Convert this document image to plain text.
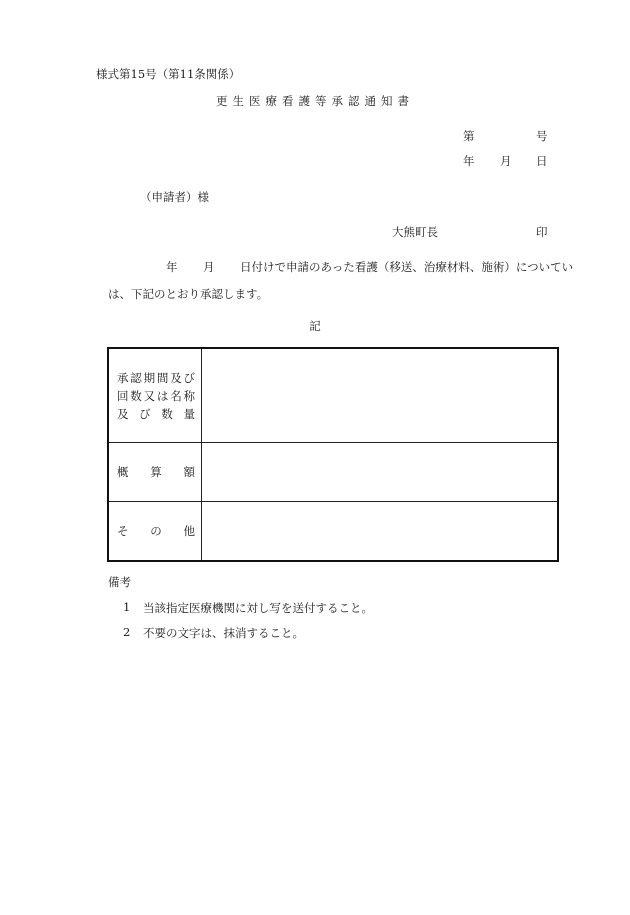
様式第15号（第11条関係）
更生医療看護等承認通知書
第	号
年 月 日
（申請者）様
大熊町長	印
年 月 日付けで申請のあった看護（移送、治療材料、施術）についてい
は、下記のとおり承認します。
記
承認期間及び
回数又は名称
及び数量	

概算額	

その他	

備考
1 当該指定医療機関に対し写を送付すること。
2 不要の文字は、抹消すること。
